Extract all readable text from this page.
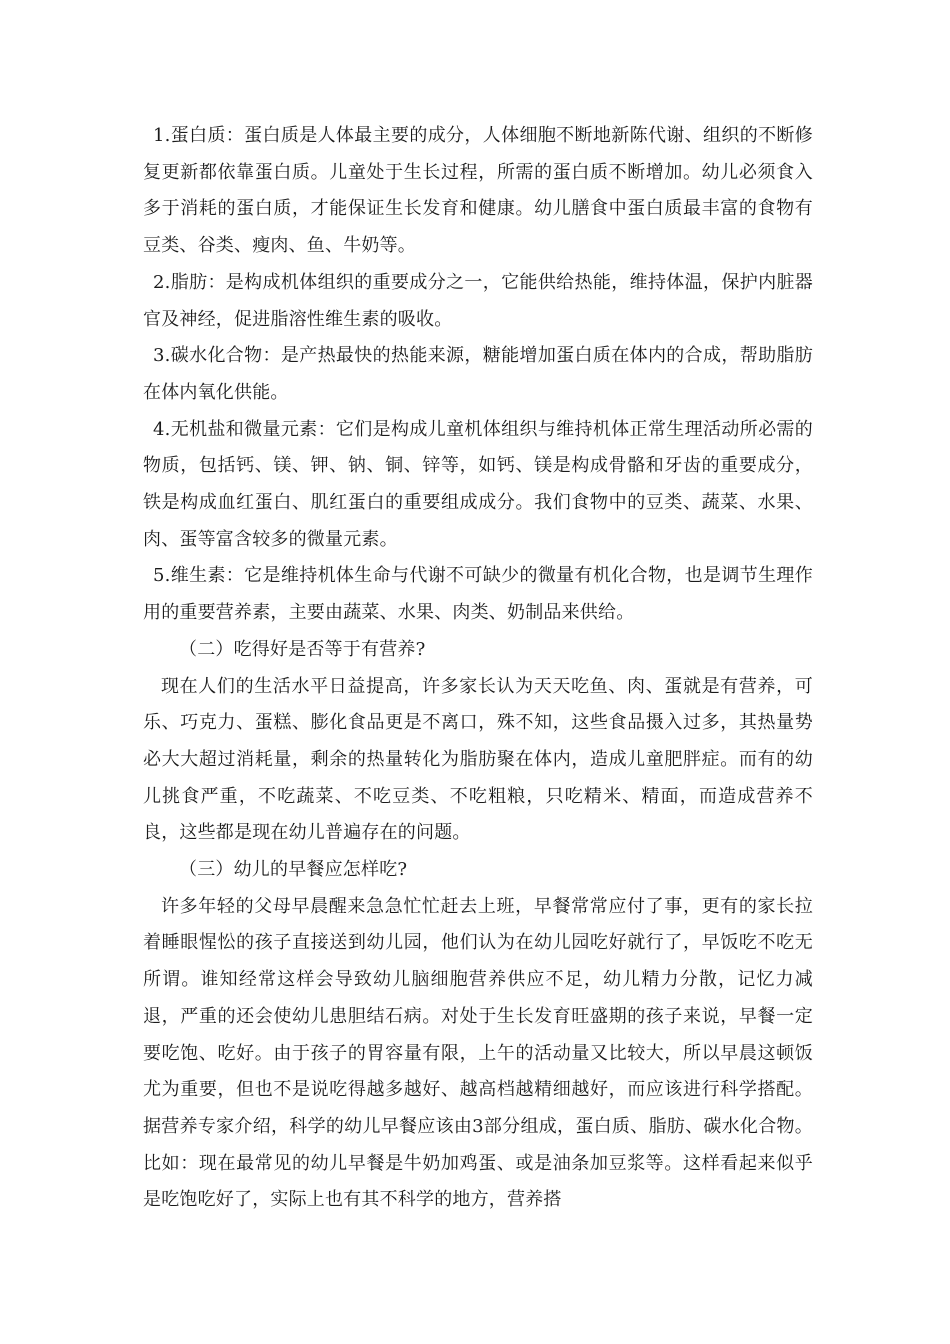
1.蛋白质：蛋白质是人体最主要的成分，人体细胞不断地新陈代谢、组织的不断修复更新都依靠蛋白质。儿童处于生长过程，所需的蛋白质不断增加。幼儿必须食入多于消耗的蛋白质，才能保证生长发育和健康。幼儿膳食中蛋白质最丰富的食物有豆类、谷类、瘦肉、鱼、牛奶等。

2.脂肪：是构成机体组织的重要成分之一，它能供给热能，维持体温，保护内脏器官及神经，促进脂溶性维生素的吸收。

3.碳水化合物：是产热最快的热能来源，糖能增加蛋白质在体内的合成，帮助脂肪在体内氧化供能。

4.无机盐和微量元素：它们是构成儿童机体组织与维持机体正常生理活动所必需的物质，包括钙、镁、钾、钠、铜、锌等，如钙、镁是构成骨骼和牙齿的重要成分，铁是构成血红蛋白、肌红蛋白的重要组成成分。我们食物中的豆类、蔬菜、水果、肉、蛋等富含较多的微量元素。

5.维生素：它是维持机体生命与代谢不可缺少的微量有机化合物，也是调节生理作用的重要营养素，主要由蔬菜、水果、肉类、奶制品来供给。

（二）吃得好是否等于有营养?

现在人们的生活水平日益提高，许多家长认为天天吃鱼、肉、蛋就是有营养，可乐、巧克力、蛋糕、膨化食品更是不离口，殊不知，这些食品摄入过多，其热量势必大大超过消耗量，剩余的热量转化为脂肪聚在体内，造成儿童肥胖症。而有的幼儿挑食严重，不吃蔬菜、不吃豆类、不吃粗粮，只吃精米、精面，而造成营养不良，这些都是现在幼儿普遍存在的问题。

（三）幼儿的早餐应怎样吃?

许多年轻的父母早晨醒来急急忙忙赶去上班，早餐常常应付了事，更有的家长拉着睡眼惺忪的孩子直接送到幼儿园，他们认为在幼儿园吃好就行了，早饭吃不吃无所谓。谁知经常这样会导致幼儿脑细胞营养供应不足，幼儿精力分散，记忆力减退，严重的还会使幼儿患胆结石病。对处于生长发育旺盛期的孩子来说，早餐一定要吃饱、吃好。由于孩子的胃容量有限，上午的活动量又比较大，所以早晨这顿饭尤为重要，但也不是说吃得越多越好、越高档越精细越好，而应该进行科学搭配。据营养专家介绍，科学的幼儿早餐应该由3部分组成，蛋白质、脂肪、碳水化合物。比如：现在最常见的幼儿早餐是牛奶加鸡蛋、或是油条加豆浆等。这样看起来似乎是吃饱吃好了，实际上也有其不科学的地方，营养搭
